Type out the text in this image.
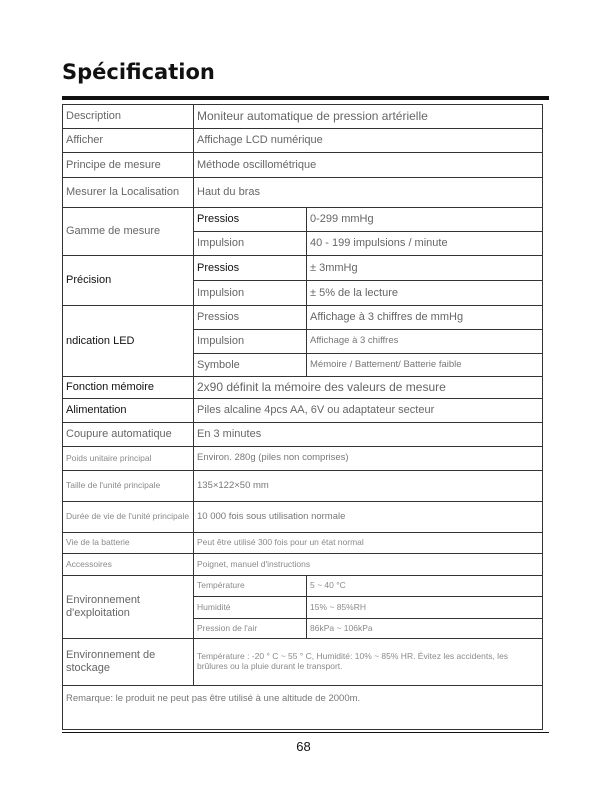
Spécification
Description	Moniteur automatique de pression artérielle	
Afficher	Affichage LCD numérique	
Principe de mesure	Méthode oscillométrique	
Mesurer la Localisation	Haut du bras	
Gamme de mesure	Pressios	0-299 mmHg
	Impulsion	40 - 199 impulsions / minute
Précision	Pressios	± 3mmHg
	Impulsion	± 5% de la lecture
ndication LED	Pressios	Affichage à 3 chiffres de mmHg
	Impulsion	Affichage à 3 chiffres
	Symbole	Mémoire / Battement/ Batterie faible
Fonction mémoire	2x90 définit la mémoire des valeurs de mesure	
Alimentation	Piles alcaline 4pcs AA, 6V ou adaptateur secteur	
Coupure automatique	En 3 minutes	
Poids unitaire principal	Environ. 280g (piles non comprises)	
Taille de l'unité principale	135×122×50 mm	
Durée de vie de l'unité principale	10 000 fois sous utilisation normale	
Vie de la batterie	Peut être utilisé 300 fois pour un état normal	
Accessoires	Poignet, manuel d'instructions	
Environnement d'exploitation	Température	5 ~ 40 °C
	Humidité	15% ~ 85%RH
	Pression de l'air	86kPa ~ 106kPa
Environnement de stockage	Température : -20 ° C ~ 55 ° C, Humidité: 10% ~ 85% HR. Évitez les accidents, les brûlures ou la pluie durant le transport.	
Remarque: le produit ne peut pas être utilisé à une altitude de 2000m.		
68
